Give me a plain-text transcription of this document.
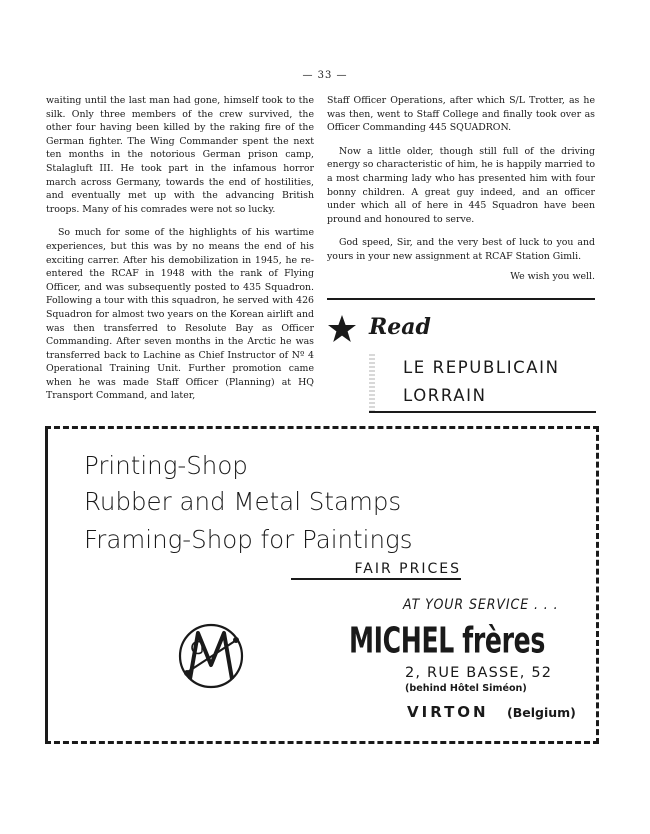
— 33 —

waiting until the last man had gone, himself took to the silk. Only three members of the crew survived, the other four having been killed by the raking fire of the German fighter. The Wing Commander spent the next ten months in the notorious German prison camp, Stalagluft III. He took part in the infamous horror march across Germany, towards the end of hostilities, and eventually met up with the advancing British troops. Many of his comrades were not so lucky.

So much for some of the highlights of his wartime experiences, but this was by no means the end of his exciting carrer. After his demobilization in 1945, he re-entered the RCAF in 1948 with the rank of Flying Officer, and was subsequently posted to 435 Squadron. Following a tour with this squadron, he served with 426 Squadron for almost two years on the Korean airlift and was then transferred to Resolute Bay as Officer Commanding. After seven months in the Arctic he was transferred back to Lachine as Chief Instructor of Nº 4 Operational Training Unit. Further promotion came when he was made Staff Officer (Planning) at HQ Transport Command, and later,

Staff Officer Operations, after which S/L Trotter, as he was then, went to Staff College and finally took over as Officer Commanding 445 SQUADRON.

Now a little older, though still full of the driving energy so characteristic of him, he is happily married to a most charming lady who has presented him with four bonny children. A great guy indeed, and an officer under which all of here in 445 Squadron have been pround and honoured to serve.

God speed, Sir, and the very best of luck to you and yours in your new assignment at RCAF Station Gimli.

We wish you well.

Read
LE REPUBLICAIN
LORRAIN
Printing-Shop
Rubber and Metal Stamps
Framing-Shop for Paintings
FAIR PRICES
AT YOUR SERVICE . . .
MICHEL frères
2, RUE BASSE, 52
(behind Hôtel Siméon)
VIRTON (Belgium)
